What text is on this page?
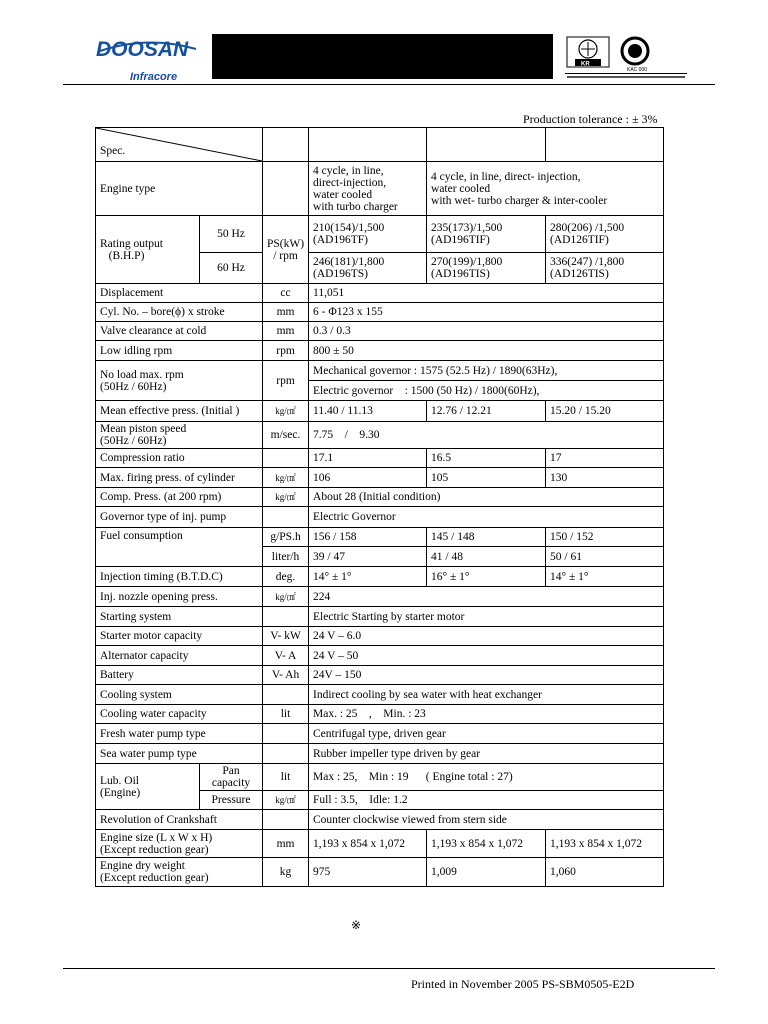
DOOSAN
Infracore
KR
KAC 000
Production tolerance : ± 3%
Spec.					
Engine type			4 cycle, in line,
direct-injection,
water cooled
with turbo charger	4 cycle, in line, direct- injection,
water cooled
with wet- turbo charger & inter-cooler	
Rating output
(B.H.P)	50 Hz	PS(kW)
/ rpm	210(154)/1,500
(AD196TF)	235(173)/1,500
(AD196TIF)	280(206) /1,500
(AD126TIF)
	60 Hz		246(181)/1,800
(AD196TS)	270(199)/1,800
(AD196TIS)	336(247) /1,800
(AD126TIS)
Displacement		cc	11,051		
Cyl. No. – bore(ϕ) x stroke		mm	6 - Φ123 x 155		
Valve clearance at cold		mm	0.3 / 0.3		
Low idling rpm		rpm	800 ± 50		
No load max. rpm
(50Hz / 60Hz)		rpm	Mechanical governor : 1575 (52.5 Hz) / 1890(63Hz),		
			Electric governor    : 1500 (50 Hz) / 1800(60Hz),		
Mean effective press. (Initial )		kg/㎠	11.40 / 11.13	12.76 / 12.21	15.20 / 15.20
Mean piston speed
(50Hz / 60Hz)		m/sec.	7.75    /    9.30		
Compression ratio			17.1	16.5	17
Max. firing press. of cylinder		kg/㎠	106	105	130
Comp. Press. (at 200 rpm)		kg/㎠	About 28 (Initial condition)		
Governor type of inj. pump			Electric Governor		
Fuel consumption		g/PS.h	156 / 158	145 / 148	150 / 152
		liter/h	39 / 47	41 / 48	50 / 61
Injection timing (B.T.D.C)		deg.	14° ± 1°	16° ± 1°	14° ± 1°
Inj. nozzle opening press.		kg/㎠	224		
Starting system			Electric Starting by starter motor		
Starter motor capacity		V- kW	24 V – 6.0		
Alternator capacity		V- A	24 V – 50		
Battery		V- Ah	24V – 150		
Cooling system			Indirect cooling by sea water with heat exchanger		
Cooling water capacity		lit	Max. : 25    ,    Min. : 23		
Fresh water pump type			Centrifugal type, driven gear		
Sea water pump type			Rubber impeller type driven by gear		
Lub. Oil
(Engine)	Pan
capacity	lit	Max : 25,    Min : 19      ( Engine total : 27)		
	Pressure	kg/㎠	Full : 3.5,    Idle: 1.2		
Revolution of Crankshaft			Counter clockwise viewed from stern side		
Engine size (L x W x H)
(Except reduction gear)		mm	1,193 x 854 x 1,072	1,193 x 854 x 1,072	1,193 x 854 x 1,072
Engine dry weight
(Except reduction gear)		kg	975	1,009	1,060
※
Printed in November 2005 PS-SBM0505-E2D
